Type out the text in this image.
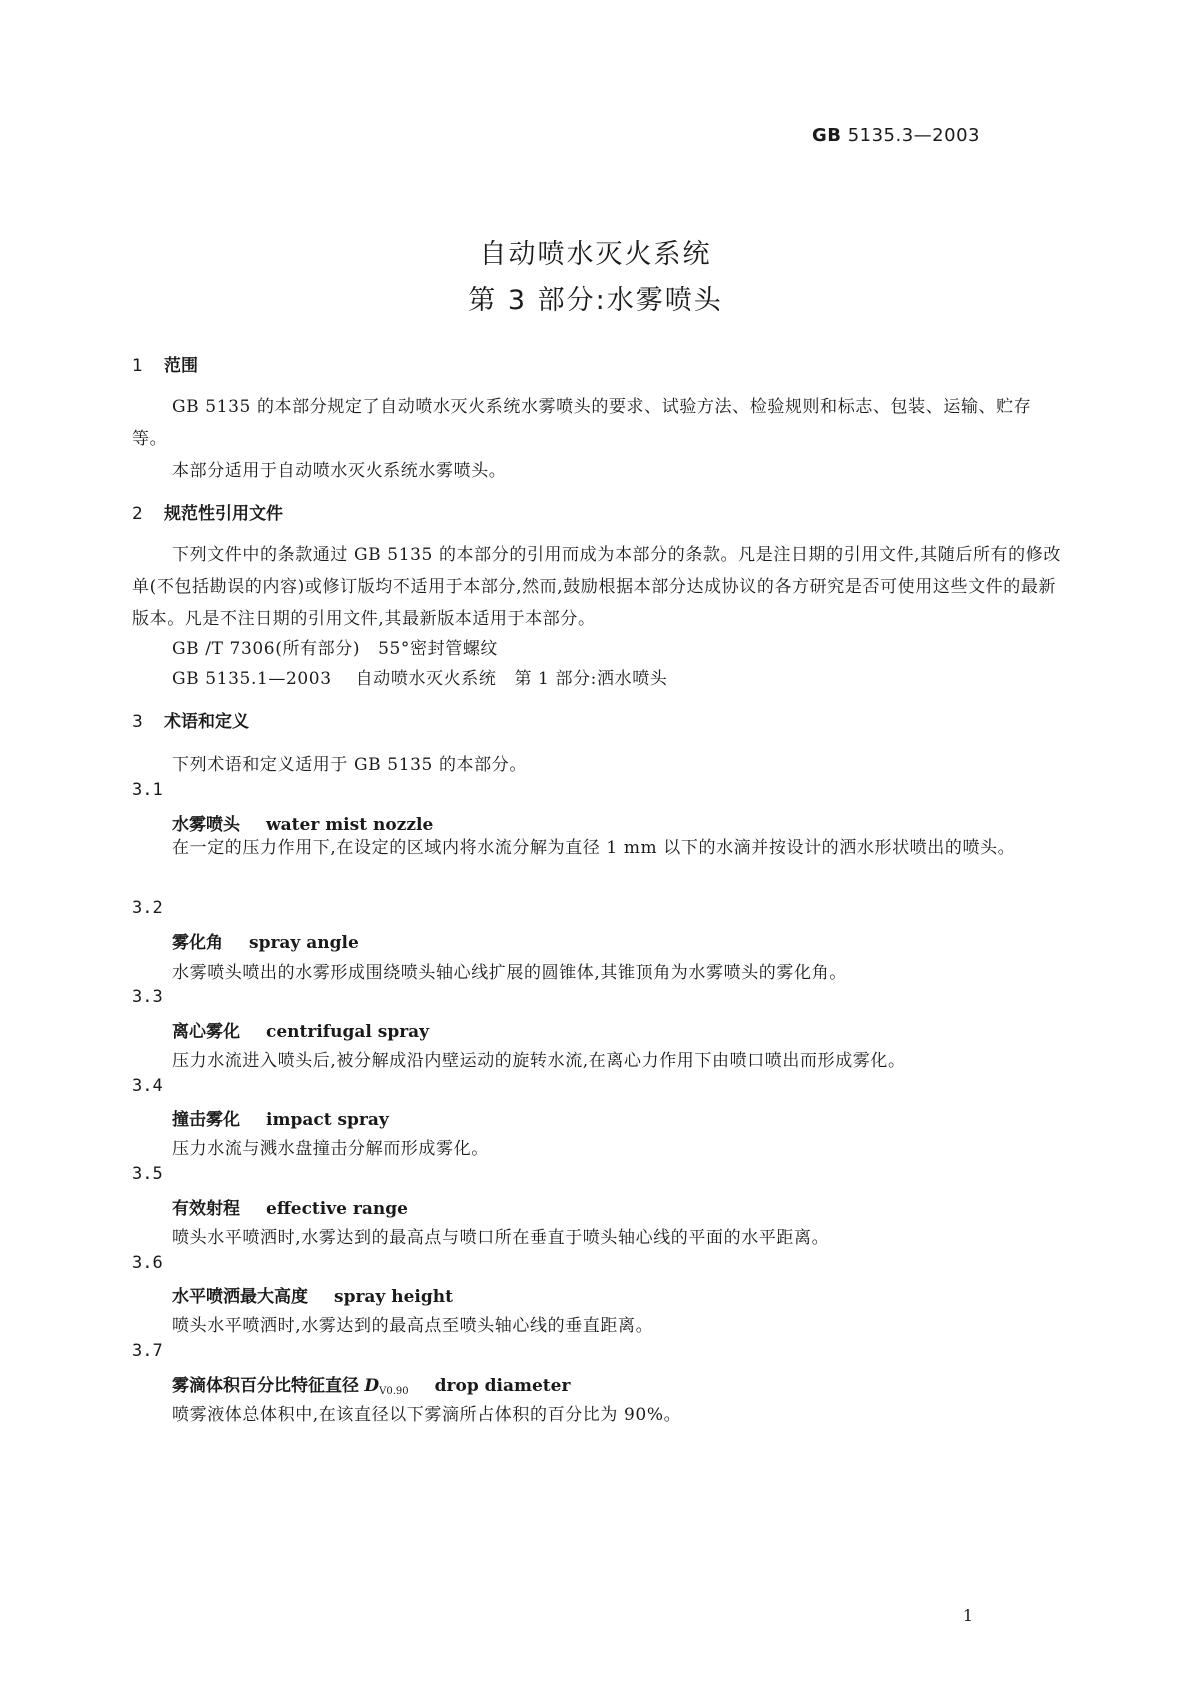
GB 5135.3—2003
自动喷水灭火系统
第 3 部分:水雾喷头
1 范围
GB 5135 的本部分规定了自动喷水灭火系统水雾喷头的要求、试验方法、检验规则和标志、包装、运输、贮存等。
本部分适用于自动喷水灭火系统水雾喷头。
2 规范性引用文件
下列文件中的条款通过 GB 5135 的本部分的引用而成为本部分的条款。凡是注日期的引用文件,其随后所有的修改单(不包括勘误的内容)或修订版均不适用于本部分,然而,鼓励根据本部分达成协议的各方研究是否可使用这些文件的最新版本。凡是不注日期的引用文件,其最新版本适用于本部分。
GB /T 7306(所有部分)   55°密封管螺纹
GB 5135.1—2003    自动喷水灭火系统   第 1 部分:洒水喷头
3 术语和定义
下列术语和定义适用于 GB 5135 的本部分。
3.1
水雾喷头 water mist nozzle
在一定的压力作用下,在设定的区域内将水流分解为直径 1 mm 以下的水滴并按设计的洒水形状喷出的喷头。
3.2
雾化角 spray angle
水雾喷头喷出的水雾形成围绕喷头轴心线扩展的圆锥体,其锥顶角为水雾喷头的雾化角。
3.3
离心雾化 centrifugal spray
压力水流进入喷头后,被分解成沿内壁运动的旋转水流,在离心力作用下由喷口喷出而形成雾化。
3.4
撞击雾化 impact spray
压力水流与溅水盘撞击分解而形成雾化。
3.5
有效射程 effective range
喷头水平喷洒时,水雾达到的最高点与喷口所在垂直于喷头轴心线的平面的水平距离。
3.6
水平喷洒最大高度 spray height
喷头水平喷洒时,水雾达到的最高点至喷头轴心线的垂直距离。
3.7
雾滴体积百分比特征直径 $D_{V0.90}$ drop diameter
喷雾液体总体积中,在该直径以下雾滴所占体积的百分比为 90%。
1
